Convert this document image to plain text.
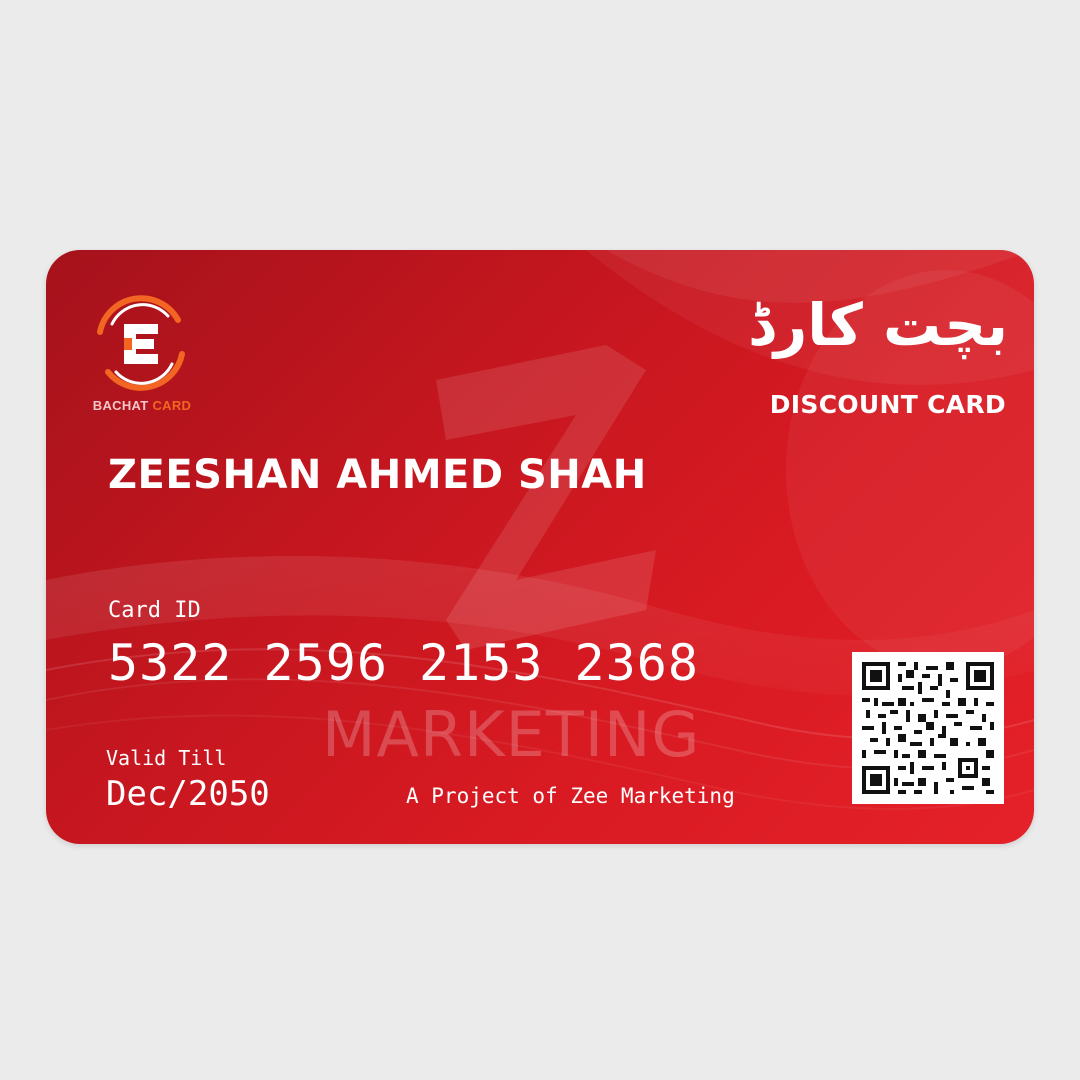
BACHAT CARD
بچت کارڈ
DISCOUNT CARD
ZEESHAN AHMED SHAH
MARKETING
Card ID
5322 2596 2153 2368
Valid Till
Dec/2050	A Project of Zee Marketing
